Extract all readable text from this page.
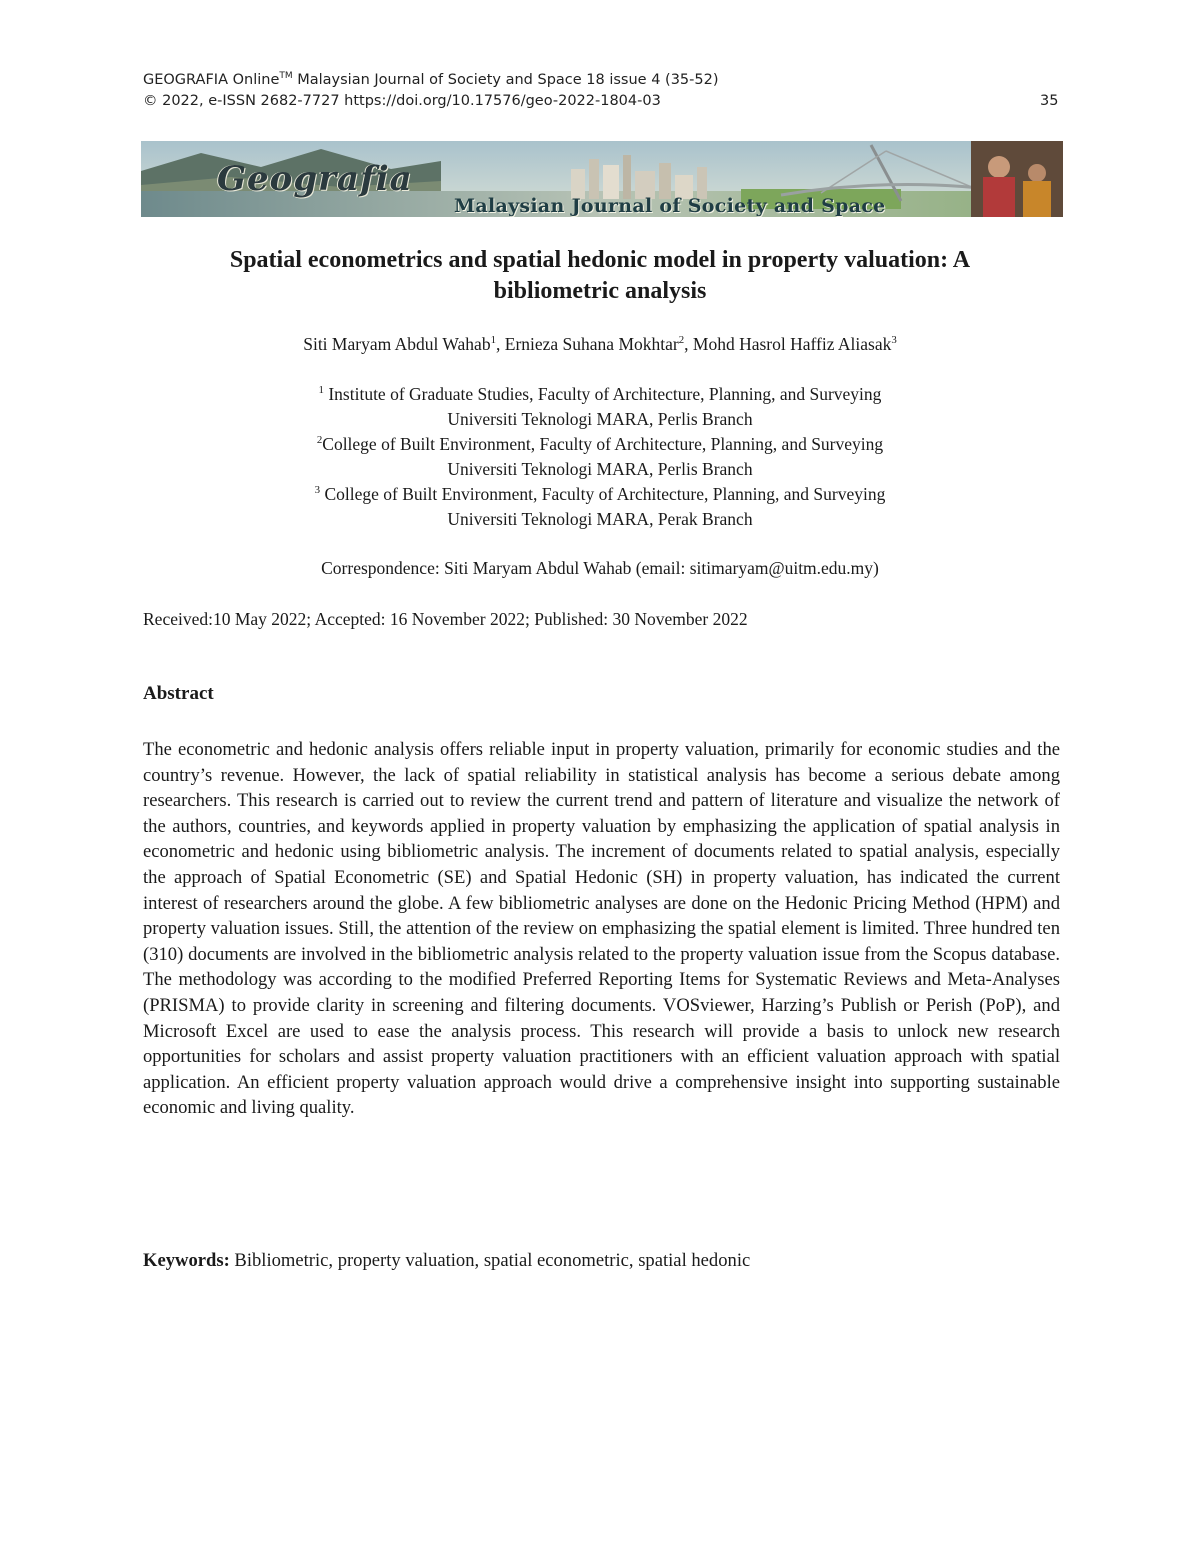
GEOGRAFIA Online™ Malaysian Journal of Society and Space 18 issue 4 (35-52)
© 2022, e-ISSN 2682-7727 https://doi.org/10.17576/geo-2022-1804-03	35
Geografia
Malaysian Journal of Society and Space
Spatial econometrics and spatial hedonic model in property valuation: A
bibliometric analysis
Siti Maryam Abdul Wahab$^1$, Ernieza Suhana Mokhtar$^2$, Mohd Hasrol Haffiz Aliasak$^3$
$^1$ Institute of Graduate Studies, Faculty of Architecture, Planning, and Surveying
Universiti Teknologi MARA, Perlis Branch
$^2$College of Built Environment, Faculty of Architecture, Planning, and Surveying
Universiti Teknologi MARA, Perlis Branch
$^3$ College of Built Environment, Faculty of Architecture, Planning, and Surveying
Universiti Teknologi MARA, Perak Branch
Correspondence: Siti Maryam Abdul Wahab (email: sitimaryam@uitm.edu.my)
Received:10 May 2022; Accepted: 16 November 2022; Published: 30 November 2022
Abstract
The econometric and hedonic analysis offers reliable input in property valuation, primarily for economic studies and the country’s revenue. However, the lack of spatial reliability in statistical analysis has become a serious debate among researchers. This research is carried out to review the current trend and pattern of literature and visualize the network of the authors, countries, and keywords applied in property valuation by emphasizing the application of spatial analysis in econometric and hedonic using bibliometric analysis. The increment of documents related to spatial analysis, especially the approach of Spatial Econometric (SE) and Spatial Hedonic (SH) in property valuation, has indicated the current interest of researchers around the globe. A few bibliometric analyses are done on the Hedonic Pricing Method (HPM) and property valuation issues. Still, the attention of the review on emphasizing the spatial element is limited. Three hundred ten (310) documents are involved in the bibliometric analysis related to the property valuation issue from the Scopus database. The methodology was according to the modified Preferred Reporting Items for Systematic Reviews and Meta-Analyses (PRISMA) to provide clarity in screening and filtering documents. VOSviewer, Harzing’s Publish or Perish (PoP), and Microsoft Excel are used to ease the analysis process. This research will provide a basis to unlock new research opportunities for scholars and assist property valuation practitioners with an efficient valuation approach with spatial application. An efficient property valuation approach would drive a comprehensive insight into supporting sustainable economic and living quality.
Keywords: Bibliometric, property valuation, spatial econometric, spatial hedonic
